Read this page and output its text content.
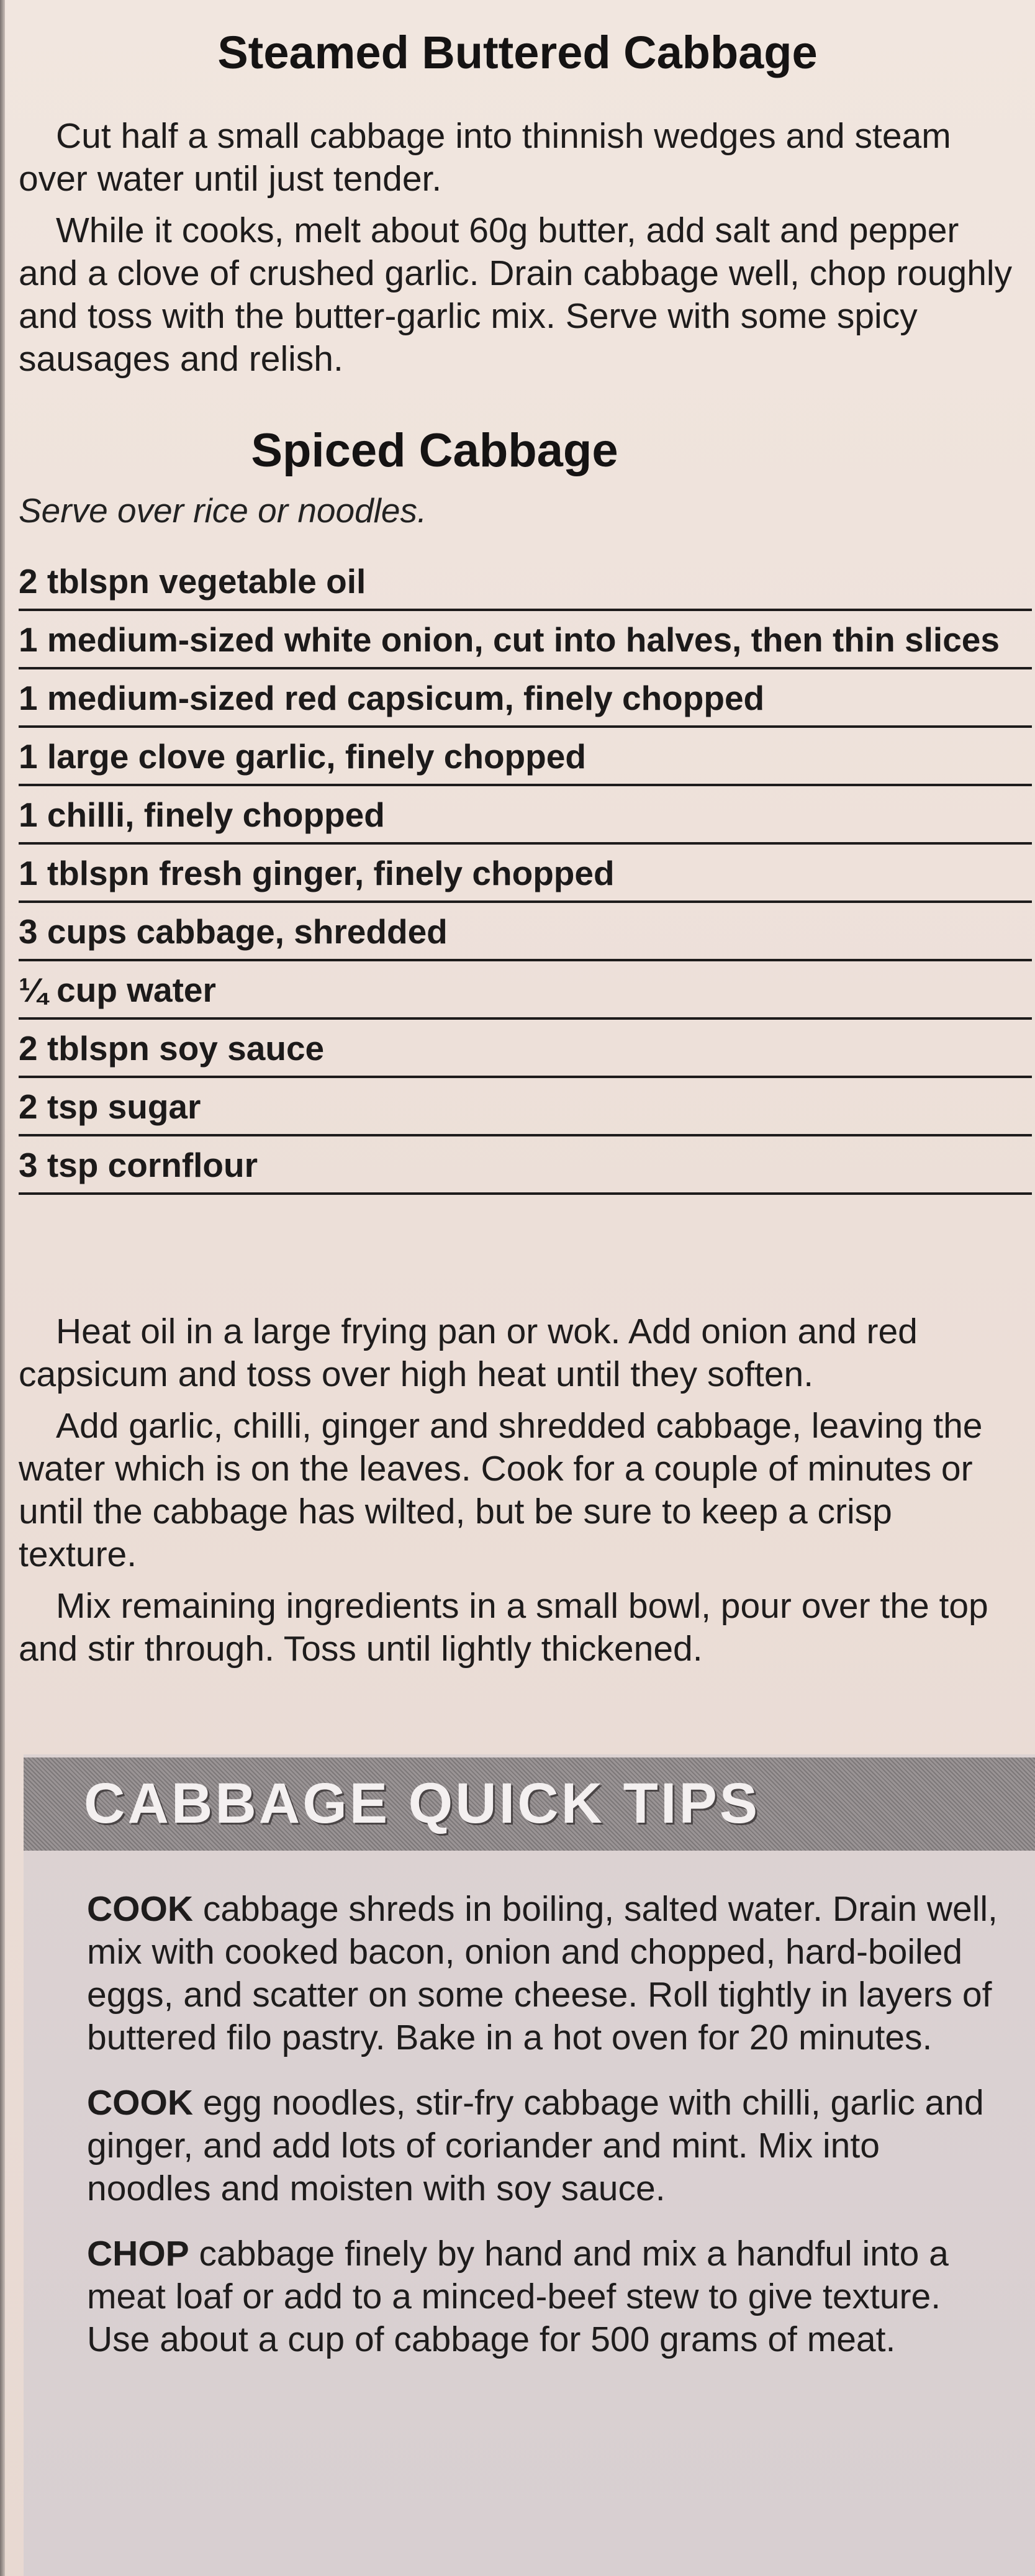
Steamed Buttered Cabbage

Cut half a small cabbage into thinnish wedges and steam over water until just tender.

While it cooks, melt about 60g butter, add salt and pepper and a clove of crushed garlic. Drain cabbage well, chop roughly and toss with the butter-garlic mix. Serve with some spicy sausages and relish.

Spiced Cabbage
Serve over rice or noodles.
2 tblspn vegetable oil
1 medium-sized white onion, cut into halves, then thin slices
1 medium-sized red capsicum, finely chopped
1 large clove garlic, finely chopped
1 chilli, finely chopped
1 tblspn fresh ginger, finely chopped
3 cups cabbage, shredded
¼ cup water
2 tblspn soy sauce
2 tsp sugar
3 tsp cornflour

Heat oil in a large frying pan or wok. Add onion and red capsicum and toss over high heat until they soften.

Add garlic, chilli, ginger and shredded cabbage, leaving the water which is on the leaves. Cook for a couple of minutes or until the cabbage has wilted, but be sure to keep a crisp texture.

Mix remaining ingredients in a small bowl, pour over the top and stir through. Toss until lightly thickened.

CABBAGE QUICK TIPS

COOK cabbage shreds in boiling, salted water. Drain well, mix with cooked bacon, onion and chopped, hard-boiled eggs, and scatter on some cheese. Roll tightly in layers of buttered filo pastry. Bake in a hot oven for 20 minutes.

COOK egg noodles, stir-fry cabbage with chilli, garlic and ginger, and add lots of coriander and mint. Mix into noodles and moisten with soy sauce.

CHOP cabbage finely by hand and mix a handful into a meat loaf or add to a minced-beef stew to give texture. Use about a cup of cabbage for 500 grams of meat.
